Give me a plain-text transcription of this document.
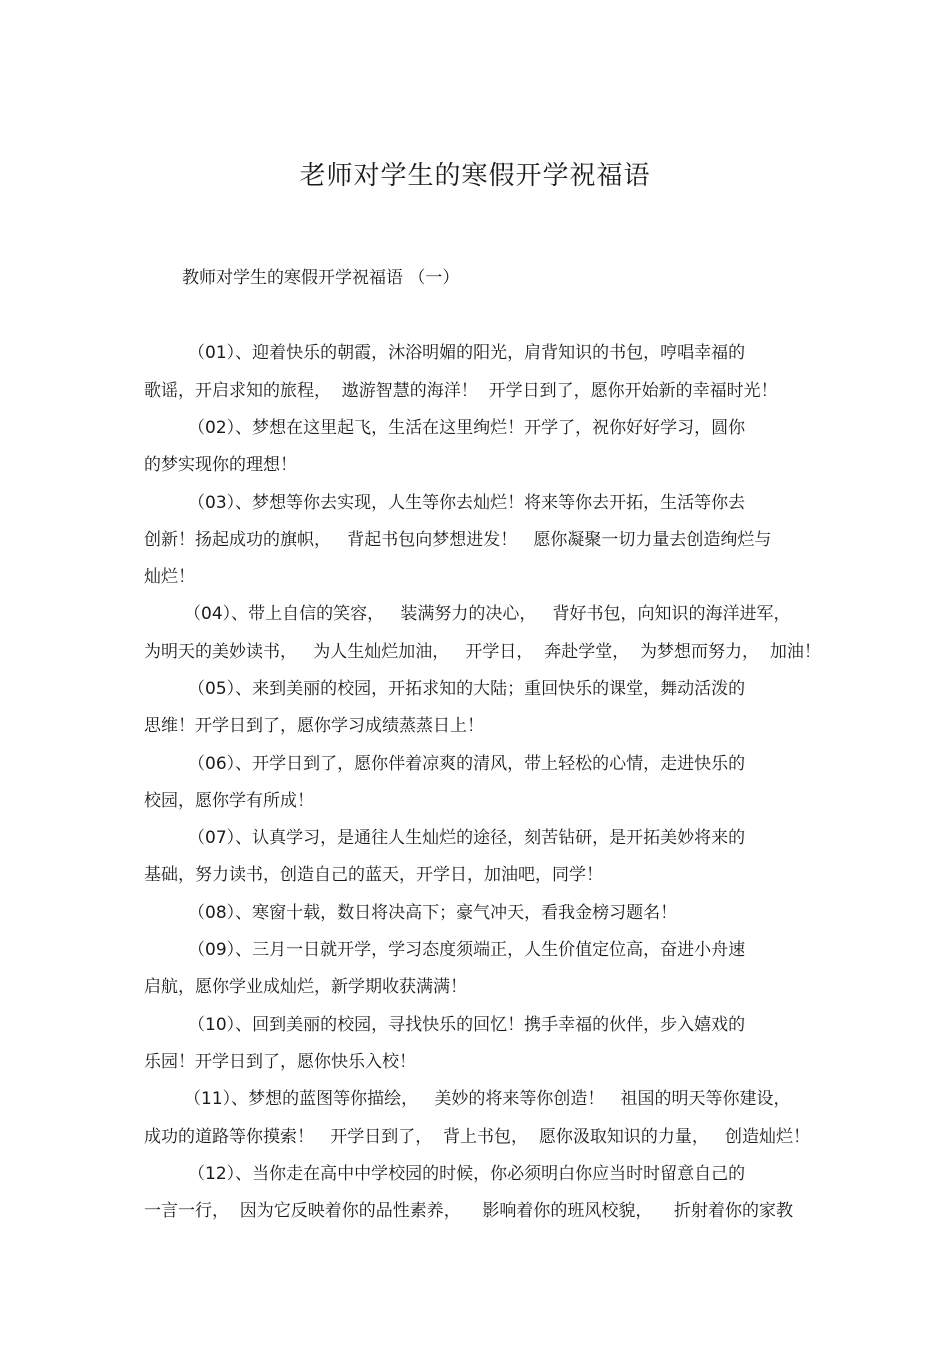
老师对学生的寒假开学祝福语
教师对学生的寒假开学祝福语 （一）
（01）、迎着快乐的朝霞，沐浴明媚的阳光，肩背知识的书包，哼唱幸福的
歌谣，开启求知的旅程，  遨游智慧的海洋！  开学日到了，愿你开始新的幸福时光！
（02）、梦想在这里起飞，生活在这里绚烂！开学了，祝你好好学习，圆你
的梦实现你的理想！
（03）、梦想等你去实现，人生等你去灿烂！将来等你去开拓，生活等你去
创新！扬起成功的旗帜，   背起书包向梦想进发！   愿你凝聚一切力量去创造绚烂与
灿烂！
（04）、带上自信的笑容，   装满努力的决心，   背好书包，向知识的海洋进军，
为明天的美妙读书，   为人生灿烂加油，   开学日，  奔赴学堂，  为梦想而努力，  加油！
（05）、来到美丽的校园，开拓求知的大陆；重回快乐的课堂，舞动活泼的
思维！开学日到了，愿你学习成绩蒸蒸日上！
（06）、开学日到了，愿你伴着凉爽的清风，带上轻松的心情，走进快乐的
校园，愿你学有所成！
（07）、认真学习，是通往人生灿烂的途径，刻苦钻研，是开拓美妙将来的
基础，努力读书，创造自己的蓝天，开学日，加油吧，同学！
（08）、寒窗十载，数日将决高下；豪气冲天，看我金榜习题名！
（09）、三月一日就开学，学习态度须端正，人生价值定位高，奋进小舟速
启航，愿你学业成灿烂，新学期收获满满！
（10）、回到美丽的校园，寻找快乐的回忆！携手幸福的伙伴，步入嬉戏的
乐园！开学日到了，愿你快乐入校！
（11）、梦想的蓝图等你描绘，   美妙的将来等你创造！   祖国的明天等你建设，
成功的道路等你摸索！   开学日到了，  背上书包，  愿你汲取知识的力量，   创造灿烂！
（12）、当你走在高中中学校园的时候，你必须明白你应当时时留意自己的
一言一行，  因为它反映着你的品性素养，    影响着你的班风校貌，    折射着你的家教
